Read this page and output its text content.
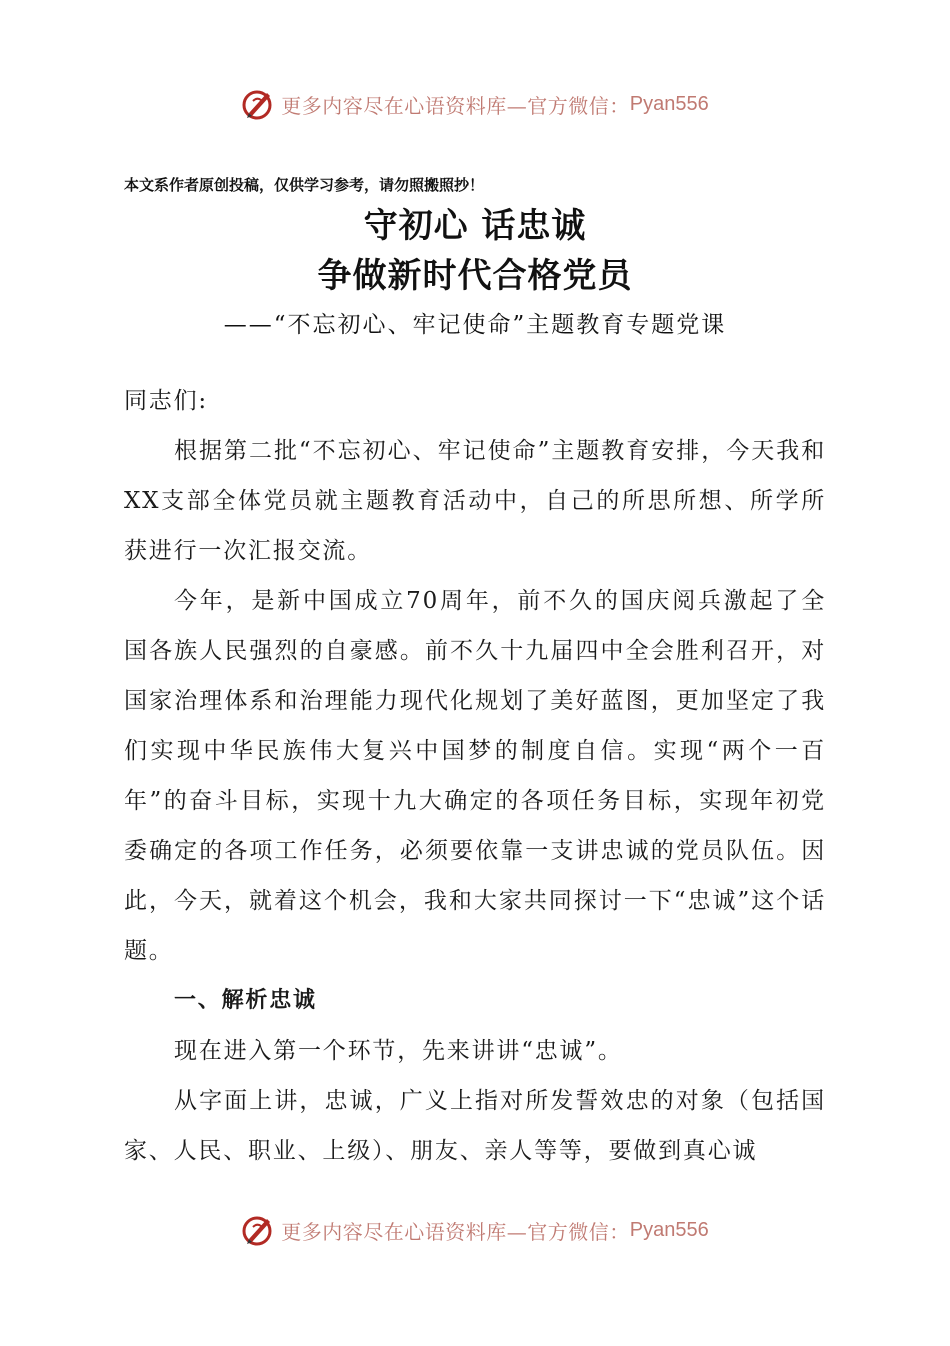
更多内容尽在心语资料库—官方微信： Pyan556
本文系作者原创投稿，仅供学习参考，请勿照搬照抄！
守初心 话忠诚
争做新时代合格党员
——“不忘初心、牢记使命”主题教育专题党课
同志们:
根据第二批“不忘初心、牢记使命”主题教育安排，今天我和XX支部全体党员就主题教育活动中，自己的所思所想、所学所获进行一次汇报交流。
今年，是新中国成立70周年，前不久的国庆阅兵激起了全国各族人民强烈的自豪感。前不久十九届四中全会胜利召开，对国家治理体系和治理能力现代化规划了美好蓝图，更加坚定了我们实现中华民族伟大复兴中国梦的制度自信。实现“两个一百年”的奋斗目标，实现十九大确定的各项任务目标，实现年初党委确定的各项工作任务，必须要依靠一支讲忠诚的党员队伍。因此，今天，就着这个机会，我和大家共同探讨一下“忠诚”这个话题。
一、解析忠诚
现在进入第一个环节，先来讲讲“忠诚”。
从字面上讲，忠诚，广义上指对所发誓效忠的对象（包括国家、人民、职业、上级）、朋友、亲人等等，要做到真心诚
更多内容尽在心语资料库—官方微信： Pyan556
